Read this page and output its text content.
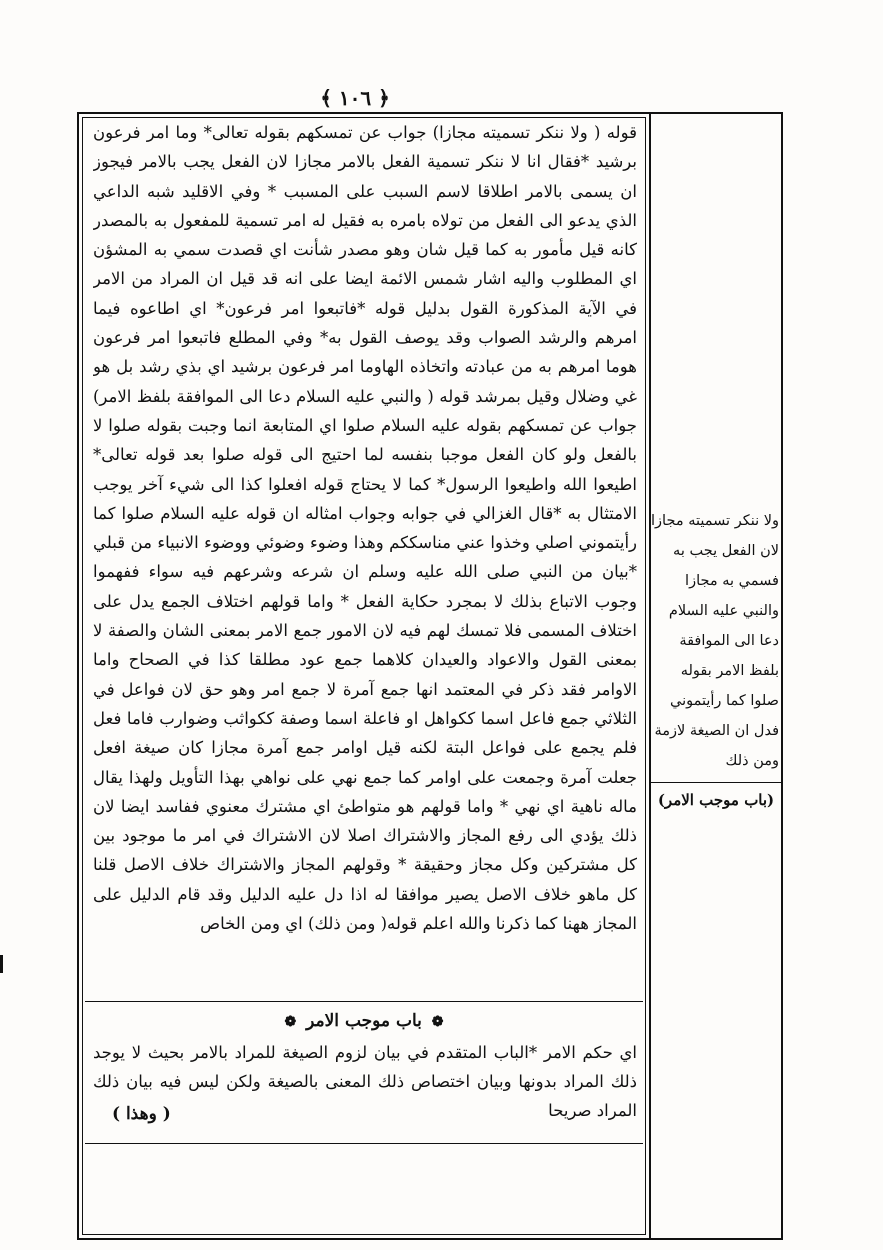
﴿ ١٠٦ ﴾
قوله ( ولا ننكر تسميته مجازا) جواب عن تمسكهم بقوله تعالى* وما امر فرعون برشيد *فقال انا لا ننكر تسمية الفعل بالامر مجازا لان الفعل يجب بالامر فيجوز ان يسمى بالامر اطلاقا لاسم السبب على المسبب * وفي الاقليد شبه الداعي الذي يدعو الى الفعل من تولاه بامره به فقيل له امر تسمية للمفعول به بالمصدر كانه قيل مأمور به كما قيل شان وهو مصدر شأنت اي قصدت سمي به المشؤن اي المطلوب واليه اشار شمس الائمة ايضا على انه قد قيل ان المراد من الامر في الآية المذكورة القول بدليل قوله *فاتبعوا امر فرعون* اي اطاعوه فيما امرهم والرشد الصواب وقد يوصف القول به* وفي المطلع فاتبعوا امر فرعون هوما امرهم به من عبادته واتخاذه الهاوما امر فرعون برشيد اي بذي رشد بل هو غي وضلال وقيل بمرشد قوله ( والنبي عليه السلام دعا الى الموافقة بلفظ الامر) جواب عن تمسكهم بقوله عليه السلام صلوا اي المتابعة انما وجبت بقوله صلوا لا بالفعل ولو كان الفعل موجبا بنفسه لما احتيج الى قوله صلوا بعد قوله تعالى* اطيعوا الله واطيعوا الرسول* كما لا يحتاج قوله افعلوا كذا الى شيء آخر يوجب الامتثال به *قال الغزالي في جوابه وجواب امثاله ان قوله عليه السلام صلوا كما رأيتموني اصلي وخذوا عني مناسككم وهذا وضوء وضوئي ووضوء الانبياء من قبلي *بيان من النبي صلى الله عليه وسلم ان شرعه وشرعهم فيه سواء ففهموا وجوب الاتباع بذلك لا بمجرد حكاية الفعل * واما قولهم اختلاف الجمع يدل على اختلاف المسمى فلا تمسك لهم فيه لان الامور جمع الامر بمعنى الشان والصفة لا بمعنى القول والاعواد والعيدان كلاهما جمع عود مطلقا كذا في الصحاح واما الاوامر فقد ذكر في المعتمد انها جمع آمرة لا جمع امر وهو حق لان فواعل في الثلاثي جمع فاعل اسما ككواهل او فاعلة اسما وصفة ككواثب وضوارب فاما فعل فلم يجمع على فواعل البتة لكنه قيل اوامر جمع آمرة مجازا كان صيغة افعل جعلت آمرة وجمعت على اوامر كما جمع نهي على نواهي بهذا التأويل ولهذا يقال ماله ناهية اي نهي * واما قولهم هو متواطئ اي مشترك معنوي ففاسد ايضا لان ذلك يؤدي الى رفع المجاز والاشتراك اصلا لان الاشتراك في امر ما موجود بين كل مشتركين وكل مجاز وحقيقة * وقولهم المجاز والاشتراك خلاف الاصل قلنا كل ماهو خلاف الاصل يصير موافقا له اذا دل عليه الدليل وقد قام الدليل على المجاز ههنا كما ذكرنا والله اعلم قوله( ومن ذلك) اي ومن الخاص
❁ باب موجب الامر ❁
اي حكم الامر *الباب المتقدم في بيان لزوم الصيغة للمراد بالامر بحيث لا يوجد ذلك المراد بدونها وبيان اختصاص ذلك المعنى بالصيغة ولكن ليس فيه بيان ذلك المراد صريحا
ولا ننكر تسميته مجازا لان الفعل يجب به فسمي به مجازا والنبي عليه السلام دعا الى الموافقة بلفظ الامر بقوله صلوا كما رأيتموني فدل ان الصيغة لازمة ومن ذلك
(باب موجب الامر)
( وهذا )
